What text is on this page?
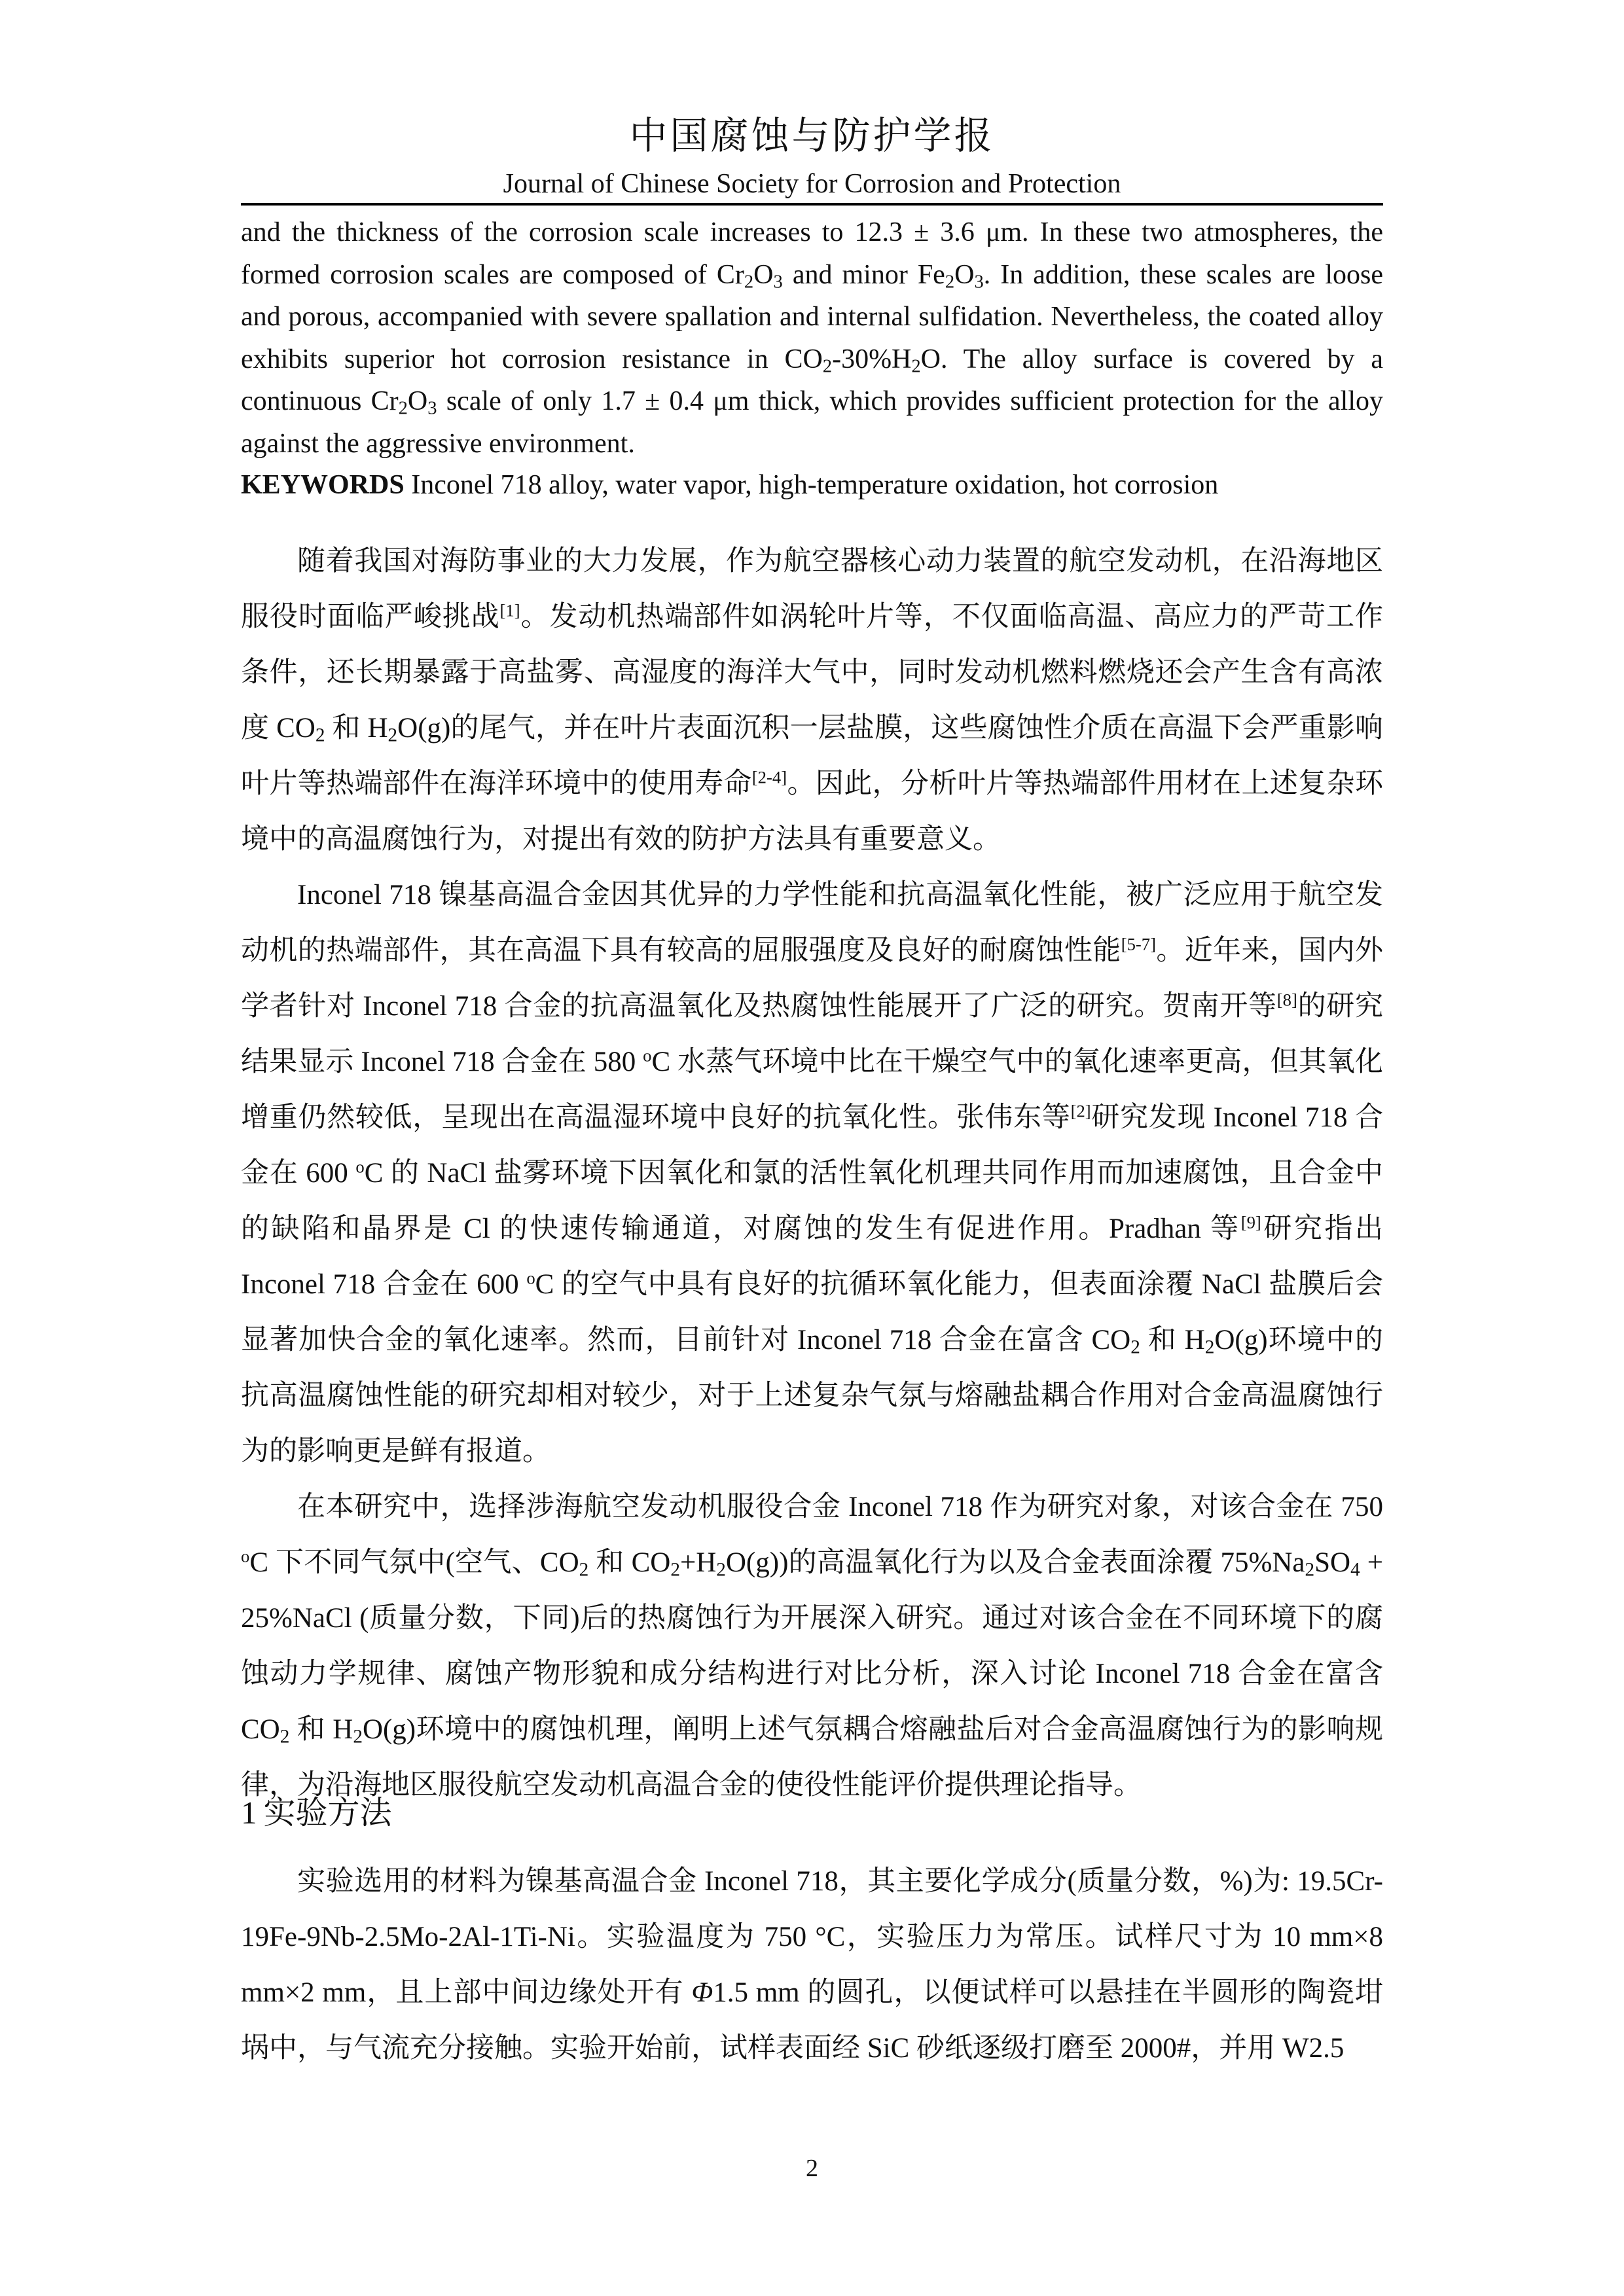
中国腐蚀与防护学报
Journal of Chinese Society for Corrosion and Protection

and the thickness of the corrosion scale increases to 12.3 ± 3.6 μm. In these two atmospheres, the formed corrosion scales are composed of $Cr_2O_3$ and minor $Fe_2O_3$. In addition, these scales are loose and porous, accompanied with severe spallation and internal sulfidation. Nevertheless, the coated alloy exhibits superior hot corrosion resistance in $CO_2-30\%H_2O$. The alloy surface is covered by a continuous $Cr_2O_3$ scale of only 1.7 ± 0.4 μm thick, which provides sufficient protection for the alloy against the aggressive environment.

KEYWORDS Inconel 718 alloy, water vapor, high-temperature oxidation, hot corrosion

随着我国对海防事业的大力发展，作为航空器核心动力装置的航空发动机，在沿海地区服役时面临严峻挑战[1]。发动机热端部件如涡轮叶片等，不仅面临高温、高应力的严苛工作条件，还长期暴露于高盐雾、高湿度的海洋大气中，同时发动机燃料燃烧还会产生含有高浓度 $CO_2$ 和 $H_2O(g)$的尾气，并在叶片表面沉积一层盐膜，这些腐蚀性介质在高温下会严重影响叶片等热端部件在海洋环境中的使用寿命[2-4]。因此，分析叶片等热端部件用材在上述复杂环境中的高温腐蚀行为，对提出有效的防护方法具有重要意义。

Inconel 718 镍基高温合金因其优异的力学性能和抗高温氧化性能，被广泛应用于航空发动机的热端部件，其在高温下具有较高的屈服强度及良好的耐腐蚀性能[5-7]。近年来，国内外学者针对 Inconel 718 合金的抗高温氧化及热腐蚀性能展开了广泛的研究。贺南开等[8]的研究结果显示 Inconel 718 合金在 580 $^o$C 水蒸气环境中比在干燥空气中的氧化速率更高，但其氧化增重仍然较低，呈现出在高温湿环境中良好的抗氧化性。张伟东等[2]研究发现 Inconel 718 合金在 600 $^o$C 的 NaCl 盐雾环境下因氧化和氯的活性氧化机理共同作用而加速腐蚀，且合金中的缺陷和晶界是 Cl 的快速传输通道，对腐蚀的发生有促进作用。Pradhan 等[9]研究指出 Inconel 718 合金在 600 $^o$C 的空气中具有良好的抗循环氧化能力，但表面涂覆 NaCl 盐膜后会显著加快合金的氧化速率。然而，目前针对 Inconel 718 合金在富含 $CO_2$ 和 $H_2O(g)$环境中的抗高温腐蚀性能的研究却相对较少，对于上述复杂气氛与熔融盐耦合作用对合金高温腐蚀行为的影响更是鲜有报道。

在本研究中，选择涉海航空发动机服役合金 Inconel 718 作为研究对象，对该合金在 750 $^o$C 下不同气氛中(空气、$CO_2$ 和 $CO_2+H_2O(g)$)的高温氧化行为以及合金表面涂覆 $75\%Na_2SO_4$ + 25%NaCl (质量分数，下同)后的热腐蚀行为开展深入研究。通过对该合金在不同环境下的腐蚀动力学规律、腐蚀产物形貌和成分结构进行对比分析，深入讨论 Inconel 718 合金在富含 $CO_2$ 和 $H_2O(g)$环境中的腐蚀机理，阐明上述气氛耦合熔融盐后对合金高温腐蚀行为的影响规律，为沿海地区服役航空发动机高温合金的使役性能评价提供理论指导。

1 实验方法

实验选用的材料为镍基高温合金 Inconel 718，其主要化学成分(质量分数，%)为: 19.5Cr-19Fe-9Nb-2.5Mo-2Al-1Ti-Ni。实验温度为 750 °C，实验压力为常压。试样尺寸为 10 mm×8 mm×2 mm，且上部中间边缘处开有 Φ1.5 mm 的圆孔，以便试样可以悬挂在半圆形的陶瓷坩埚中，与气流充分接触。实验开始前，试样表面经 SiC 砂纸逐级打磨至 2000#，并用 W2.5

2
